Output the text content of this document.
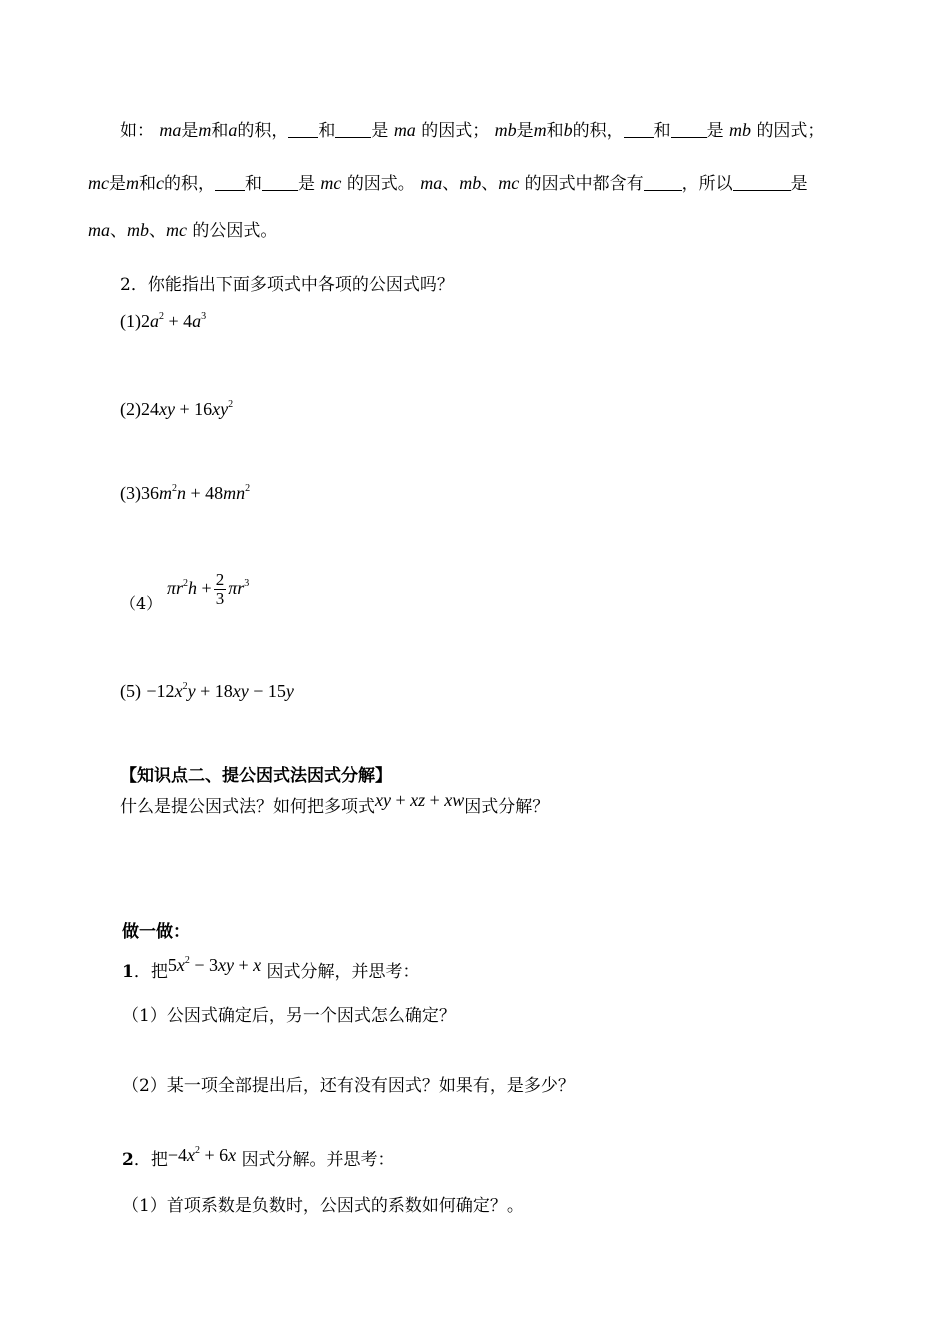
如： ma是m和a的积， 和 是 ma 的因式； mb是m和b的积， 和 是 mb 的因式；
mc是m和c的积， 和 是 mc 的因式。 ma、mb、mc 的因式中都含有 ，所以	是
ma、mb、mc 的公因式。
2．你能指出下面多项式中各项的公因式吗？
$(1)2a^2 + 4a^3$
$(2)24xy + 16xy^2$
$(3)36m^2n + 48mn^2$
（4）
$\pi r^2h + \frac{2}{3} \pi r^3$
$(5) -12x^2y + 18xy - 15y$
【知识点二、提公因式法因式分解】
什么是提公因式法？如何把多项式xy + xz + xw因式分解？
做一做：
1．把$5x^2 - 3xy + x$ 因式分解，并思考：
（1）公因式确定后，另一个因式怎么确定？
（2）某一项全部提出后，还有没有因式？如果有，是多少？
2．把$-4x^2 + 6x$ 因式分解。并思考：
（1）首项系数是负数时，公因式的系数如何确定？。
